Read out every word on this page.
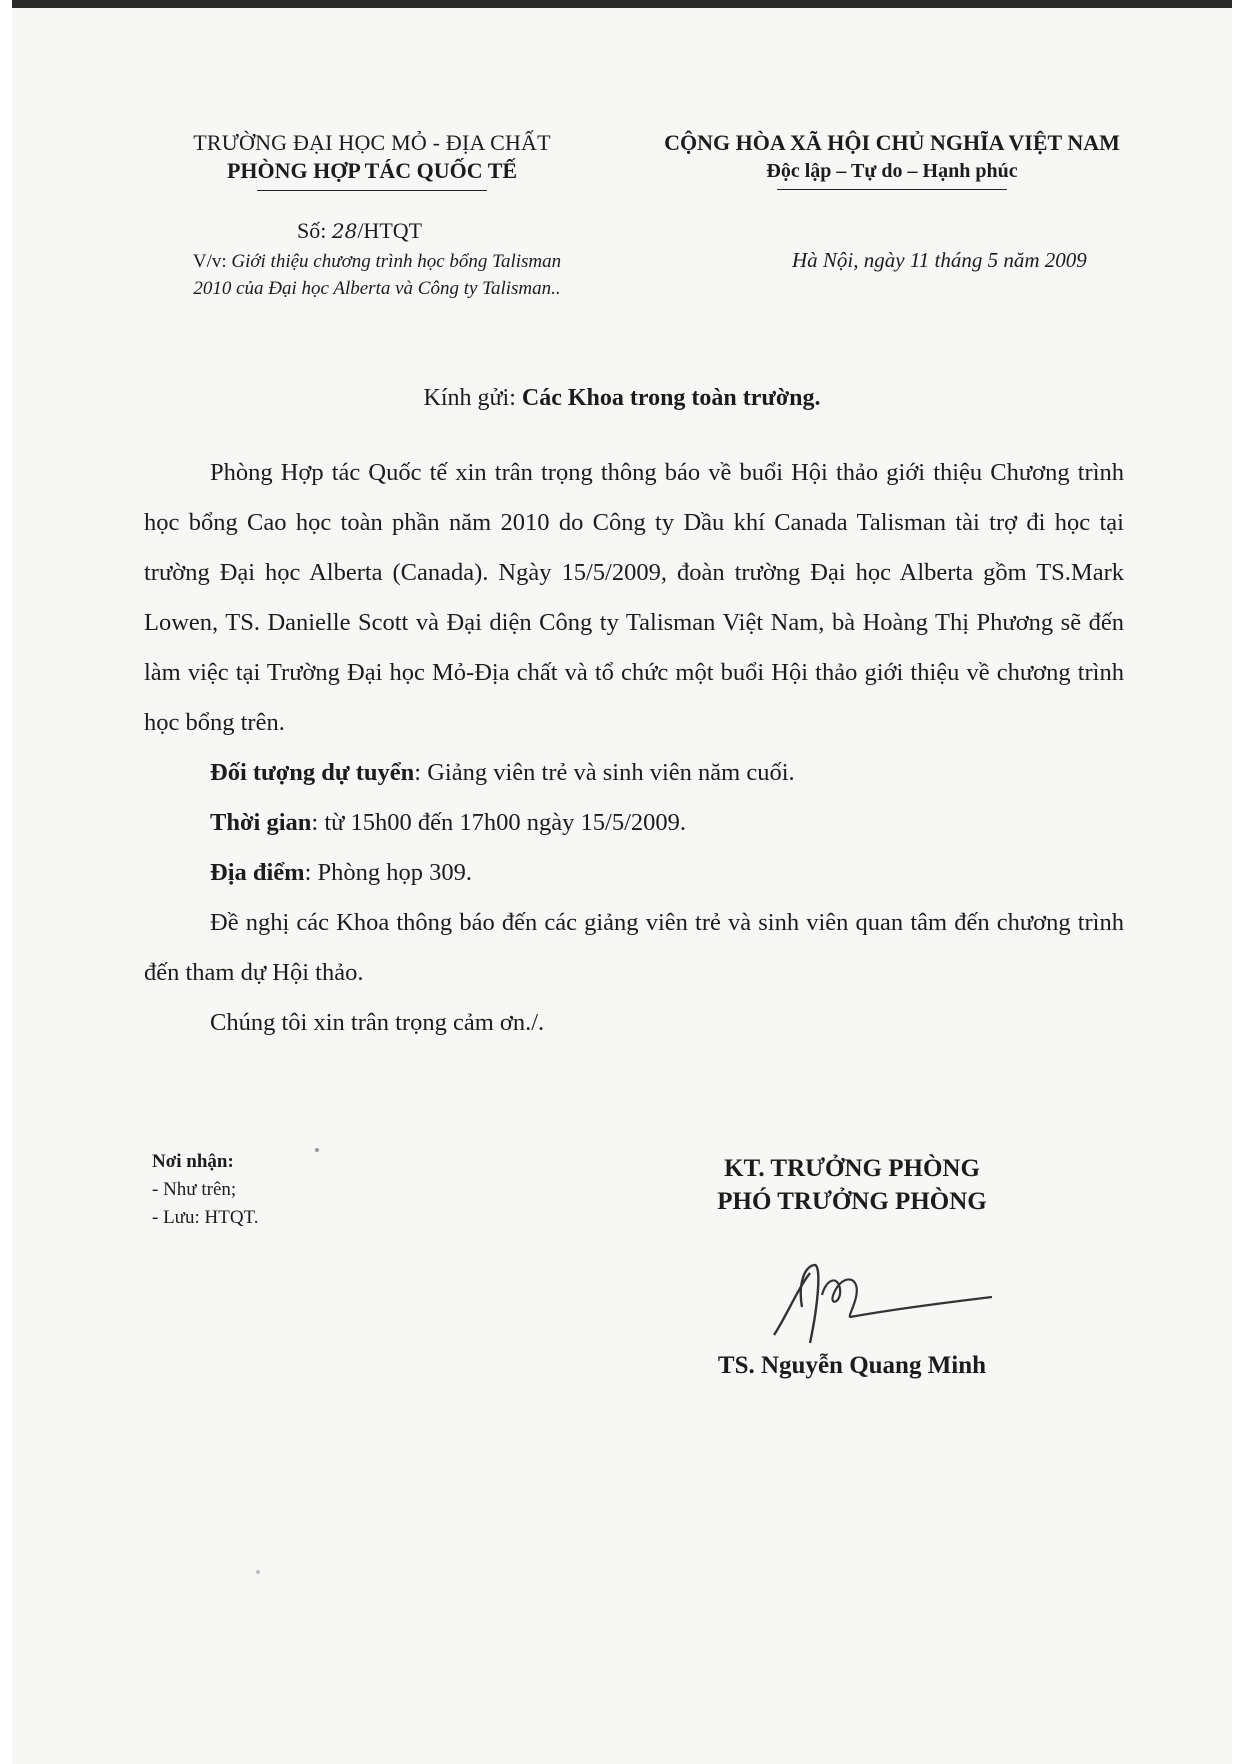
TRƯỜNG ĐẠI HỌC MỎ - ĐỊA CHẤT
PHÒNG HỢP TÁC QUỐC TẾ
CỘNG HÒA XÃ HỘI CHỦ NGHĨA VIỆT NAM
Độc lập – Tự do – Hạnh phúc
Số: 28/HTQT
V/v: Giới thiệu chương trình học bổng Talisman 2010 của Đại học Alberta và Công ty Talisman..
Hà Nội, ngày 11 tháng 5 năm 2009
Kính gửi: Các Khoa trong toàn trường.

Phòng Hợp tác Quốc tế xin trân trọng thông báo về buổi Hội thảo giới thiệu Chương trình học bổng Cao học toàn phần năm 2010 do Công ty Dầu khí Canada Talisman tài trợ đi học tại trường Đại học Alberta (Canada). Ngày 15/5/2009, đoàn trường Đại học Alberta gồm TS.Mark Lowen, TS. Danielle Scott và Đại diện Công ty Talisman Việt Nam, bà Hoàng Thị Phương sẽ đến làm việc tại Trường Đại học Mỏ-Địa chất và tổ chức một buổi Hội thảo giới thiệu về chương trình học bổng trên.

Đối tượng dự tuyển: Giảng viên trẻ và sinh viên năm cuối.

Thời gian: từ 15h00 đến 17h00 ngày 15/5/2009.

Địa điểm: Phòng họp 309.

Đề nghị các Khoa thông báo đến các giảng viên trẻ và sinh viên quan tâm đến chương trình đến tham dự Hội thảo.

Chúng tôi xin trân trọng cảm ơn./.

Nơi nhận:
- Như trên;
- Lưu: HTQT.
KT. TRƯỞNG PHÒNG
PHÓ TRƯỞNG PHÒNG
TS. Nguyễn Quang Minh
